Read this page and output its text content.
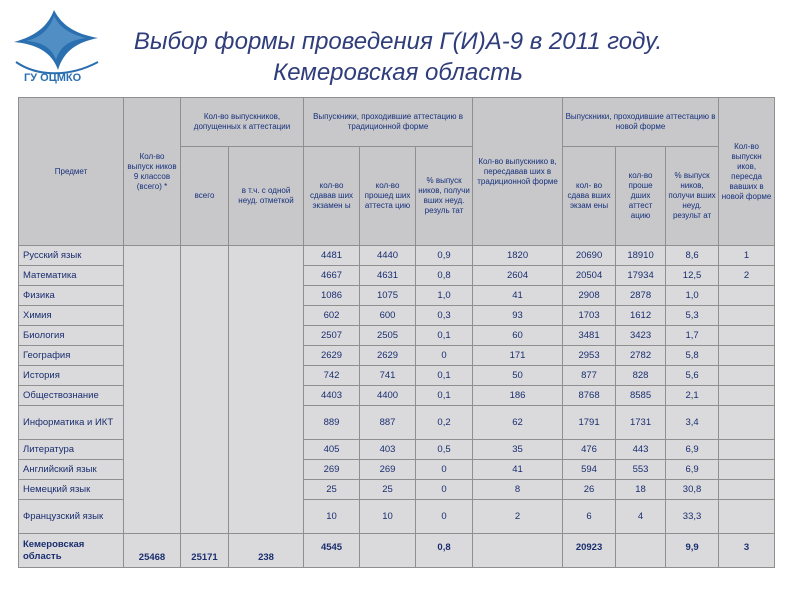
ГУ ОЦМКО
Выбор формы проведения Г(И)А-9 в 2011 году.
Кемеровская область
Предмет	Кол-во выпуск ников 9 классов (всего) *	Кол-во выпускников, допущенных к аттестации		Выпускники, проходившие аттестацию в традиционной форме			Кол-во выпускнико в, пересдавав ших в традиционной форме	Выпускники, проходившие аттестацию в новой форме			Кол-во выпускн иков, пересда вавших в новой форме
		всего	в т.ч. с одной неуд. отметкой	кол-во сдавав ших экзамен ы	кол-во прошед ших аттеста цию	% выпуск ников, получи вших неуд. резуль тат		кол- во сдава вших экзам ены	кол-во проше дших аттест ацию	% выпуск ников, получи вших неуд. результ ат	
Русский язык				4481	4440	0,9	1820	20690	18910	8,6	1
Математика				4667	4631	0,8	2604	20504	17934	12,5	2
Физика				1086	1075	1,0	41	2908	2878	1,0	
Химия				602	600	0,3	93	1703	1612	5,3	
Биология				2507	2505	0,1	60	3481	3423	1,7	
География				2629	2629	0	171	2953	2782	5,8	
История				742	741	0,1	50	877	828	5,6	
Обществознание				4403	4400	0,1	186	8768	8585	2,1	
Информатика и ИКТ				889	887	0,2	62	1791	1731	3,4	
Литература				405	403	0,5	35	476	443	6,9	
Английский язык				269	269	0	41	594	553	6,9	
Немецкий язык				25	25	0	8	26	18	30,8	
Французский язык				10	10	0	2	6	4	33,3	
Кемеровская область	25468	25171	238	4545		0,8		20923		9,9	3
